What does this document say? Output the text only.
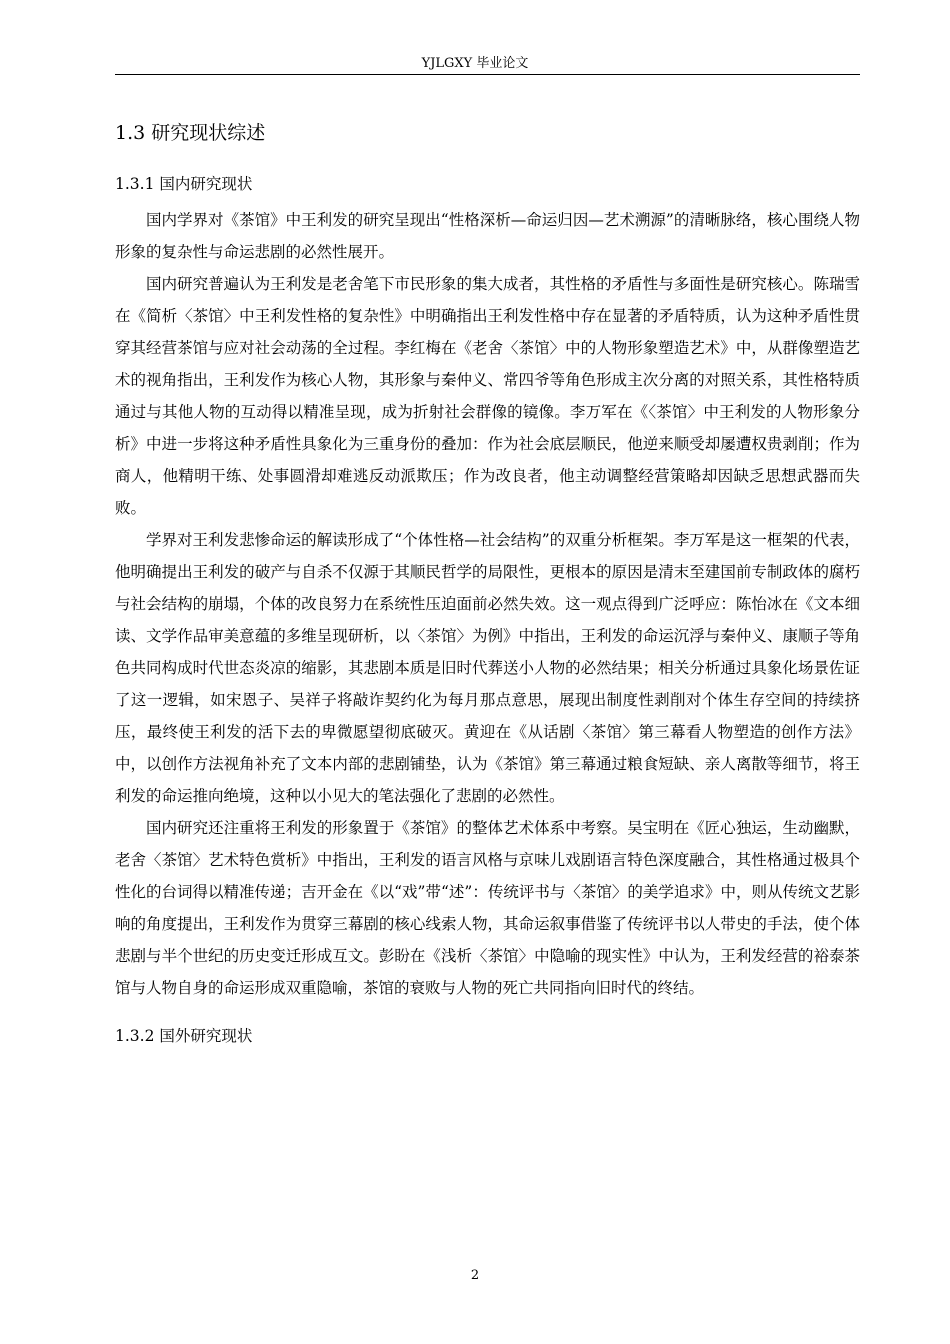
YJLGXY 毕业论文
1.3 研究现状综述
1.3.1 国内研究现状

国内学界对《茶馆》中王利发的研究呈现出“性格深析—命运归因—艺术溯源”的清晰脉络，核心围绕人物形象的复杂性与命运悲剧的必然性展开。

国内研究普遍认为王利发是老舍笔下市民形象的集大成者，其性格的矛盾性与多面性是研究核心。陈瑞雪在《简析〈茶馆〉中王利发性格的复杂性》中明确指出王利发性格中存在显著的矛盾特质，认为这种矛盾性贯穿其经营茶馆与应对社会动荡的全过程。李红梅在《老舍〈茶馆〉中的人物形象塑造艺术》中，从群像塑造艺术的视角指出，王利发作为核心人物，其形象与秦仲义、常四爷等角色形成主次分离的对照关系，其性格特质通过与其他人物的互动得以精准呈现，成为折射社会群像的镜像。李万军在《〈茶馆〉中王利发的人物形象分析》中进一步将这种矛盾性具象化为三重身份的叠加：作为社会底层顺民，他逆来顺受却屡遭权贵剥削；作为商人，他精明干练、处事圆滑却难逃反动派欺压；作为改良者，他主动调整经营策略却因缺乏思想武器而失败。

学界对王利发悲惨命运的解读形成了“个体性格—社会结构”的双重分析框架。李万军是这一框架的代表，他明确提出王利发的破产与自杀不仅源于其顺民哲学的局限性，更根本的原因是清末至建国前专制政体的腐朽与社会结构的崩塌，个体的改良努力在系统性压迫面前必然失效。这一观点得到广泛呼应：陈怡冰在《文本细读、文学作品审美意蕴的多维呈现研析，以〈茶馆〉为例》中指出，王利发的命运沉浮与秦仲义、康顺子等角色共同构成时代世态炎凉的缩影，其悲剧本质是旧时代葬送小人物的必然结果；相关分析通过具象化场景佐证了这一逻辑，如宋恩子、吴祥子将敲诈契约化为每月那点意思，展现出制度性剥削对个体生存空间的持续挤压，最终使王利发的活下去的卑微愿望彻底破灭。黄迎在《从话剧〈茶馆〉第三幕看人物塑造的创作方法》中，以创作方法视角补充了文本内部的悲剧铺垫，认为《茶馆》第三幕通过粮食短缺、亲人离散等细节，将王利发的命运推向绝境，这种以小见大的笔法强化了悲剧的必然性。

国内研究还注重将王利发的形象置于《茶馆》的整体艺术体系中考察。吴宝明在《匠心独运，生动幽默，老舍〈茶馆〉艺术特色赏析》中指出，王利发的语言风格与京味儿戏剧语言特色深度融合，其性格通过极具个性化的台词得以精准传递；吉开金在《以“戏”带“述”：传统评书与〈茶馆〉的美学追求》中，则从传统文艺影响的角度提出，王利发作为贯穿三幕剧的核心线索人物，其命运叙事借鉴了传统评书以人带史的手法，使个体悲剧与半个世纪的历史变迁形成互文。彭盼在《浅析〈茶馆〉中隐喻的现实性》中认为，王利发经营的裕泰茶馆与人物自身的命运形成双重隐喻，茶馆的衰败与人物的死亡共同指向旧时代的终结。

1.3.2 国外研究现状
2
